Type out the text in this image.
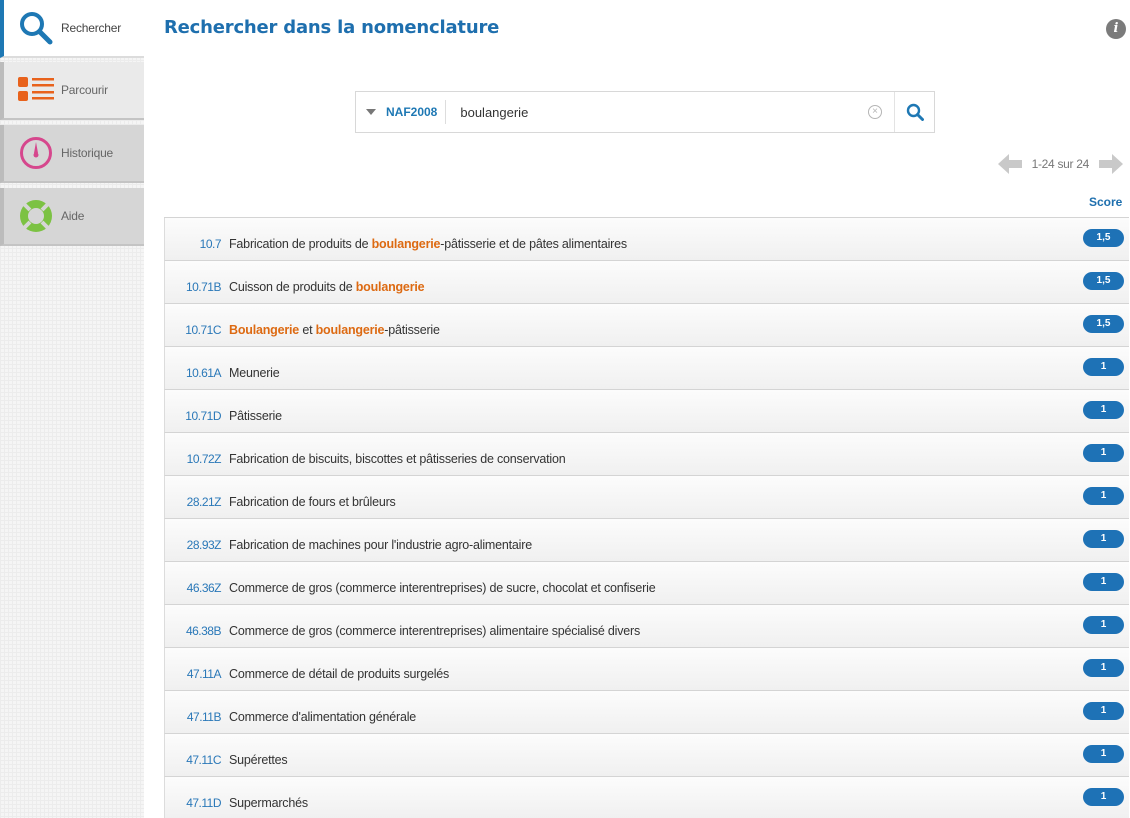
Rechercher
Parcourir
Historique
Aide
Rechercher dans la nomenclature	i
NAF2008
boulangerie	×
1-24 sur 24
Score
10.7 Fabrication de produits de boulangerie-pâtisserie et de pâtes alimentaires	1,5
10.71B Cuisson de produits de boulangerie	1,5
10.71C Boulangerie et boulangerie-pâtisserie	1,5
10.61A Meunerie	1
10.71D Pâtisserie	1
10.72Z Fabrication de biscuits, biscottes et pâtisseries de conservation	1
28.21Z Fabrication de fours et brûleurs	1
28.93Z Fabrication de machines pour l'industrie agro-alimentaire	1
46.36Z Commerce de gros (commerce interentreprises) de sucre, chocolat et confiserie	1
46.38B Commerce de gros (commerce interentreprises) alimentaire spécialisé divers	1
47.11A Commerce de détail de produits surgelés	1
47.11B Commerce d'alimentation générale	1
47.11C Supérettes	1
47.11D Supermarchés	1
